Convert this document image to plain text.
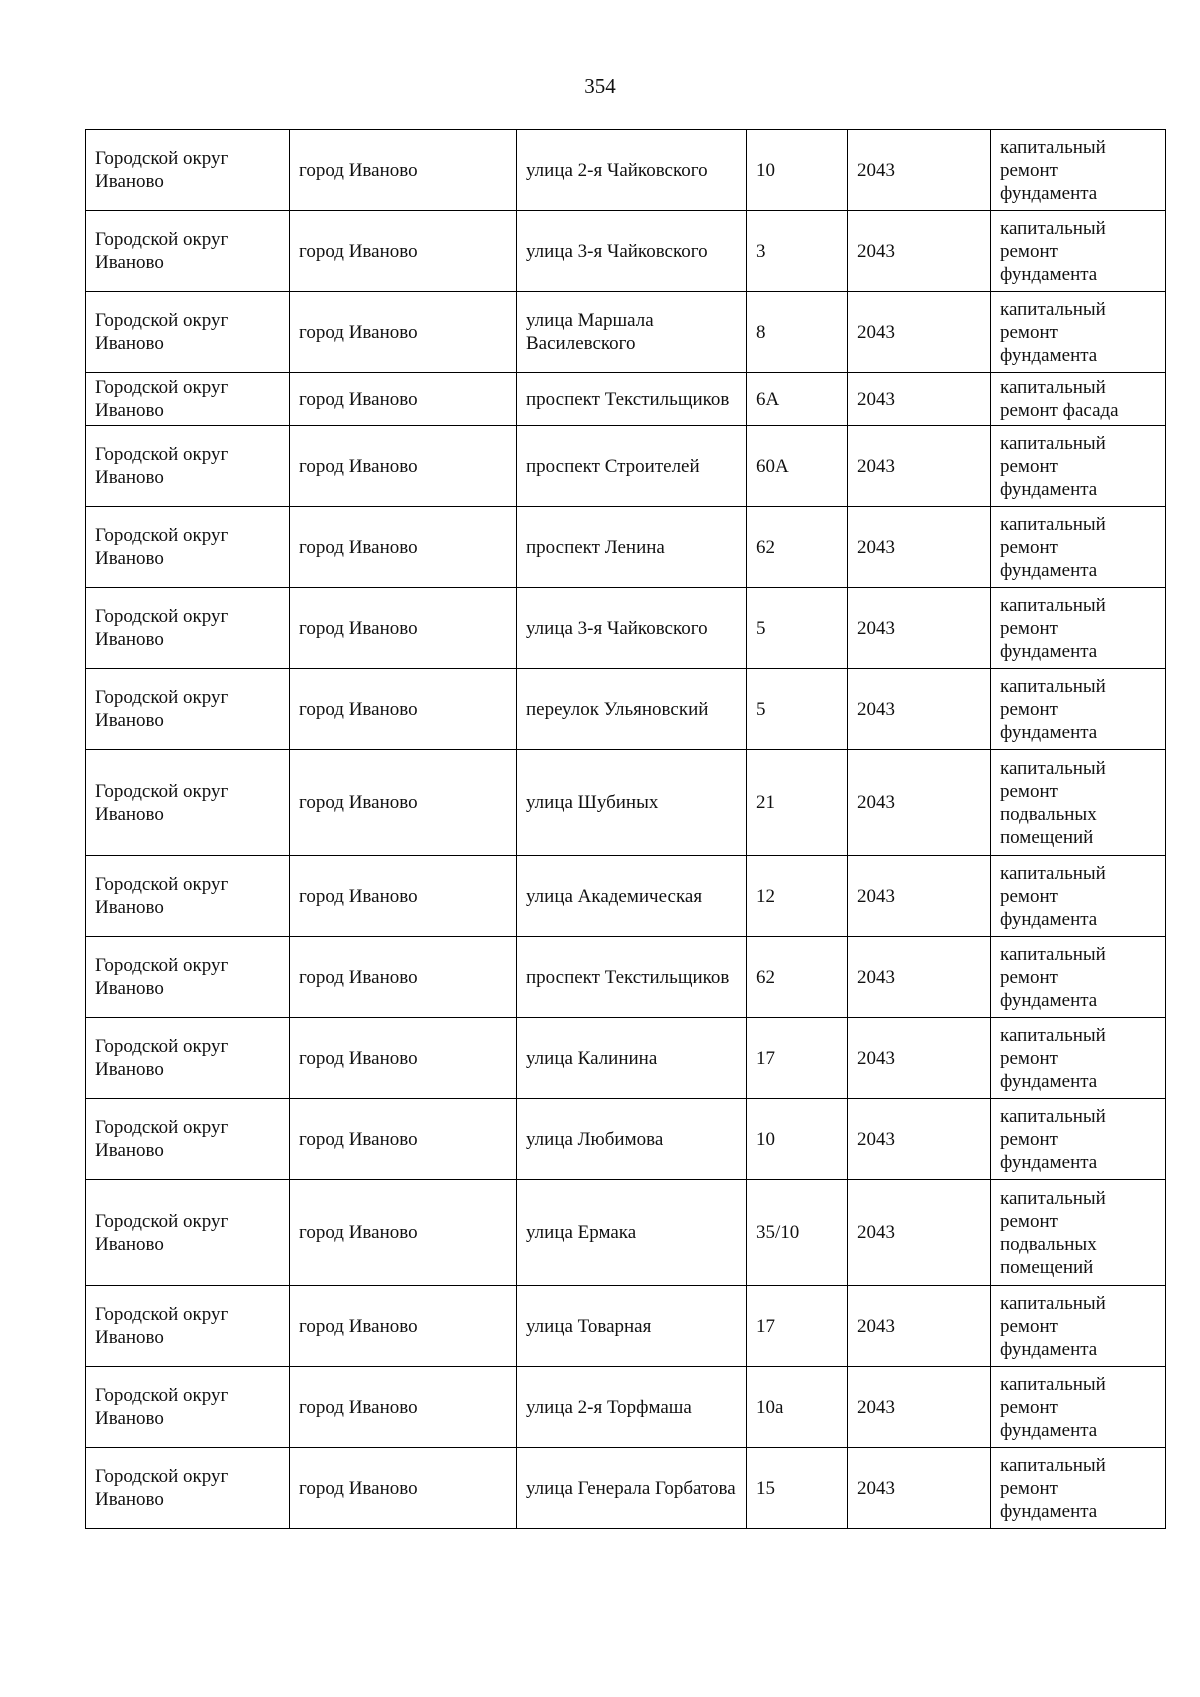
354
Городской округ Иваново	город Иваново	улица 2-я Чайковского	10	2043	капитальный ремонт фундамента
Городской округ Иваново	город Иваново	улица 3-я Чайковского	3	2043	капитальный ремонт фундамента
Городской округ Иваново	город Иваново	улица Маршала Василевского	8	2043	капитальный ремонт фундамента
Городской округ Иваново	город Иваново	проспект Текстильщиков	6А	2043	капитальный ремонт фасада
Городской округ Иваново	город Иваново	проспект Строителей	60А	2043	капитальный ремонт фундамента
Городской округ Иваново	город Иваново	проспект Ленина	62	2043	капитальный ремонт фундамента
Городской округ Иваново	город Иваново	улица 3-я Чайковского	5	2043	капитальный ремонт фундамента
Городской округ Иваново	город Иваново	переулок Ульяновский	5	2043	капитальный ремонт фундамента
Городской округ Иваново	город Иваново	улица Шубиных	21	2043	капитальный ремонт подвальных помещений
Городской округ Иваново	город Иваново	улица Академическая	12	2043	капитальный ремонт фундамента
Городской округ Иваново	город Иваново	проспект Текстильщиков	62	2043	капитальный ремонт фундамента
Городской округ Иваново	город Иваново	улица Калинина	17	2043	капитальный ремонт фундамента
Городской округ Иваново	город Иваново	улица Любимова	10	2043	капитальный ремонт фундамента
Городской округ Иваново	город Иваново	улица Ермака	35/10	2043	капитальный ремонт подвальных помещений
Городской округ Иваново	город Иваново	улица Товарная	17	2043	капитальный ремонт фундамента
Городской округ Иваново	город Иваново	улица 2-я Торфмаша	10а	2043	капитальный ремонт фундамента
Городской округ Иваново	город Иваново	улица Генерала Горбатова	15	2043	капитальный ремонт фундамента
